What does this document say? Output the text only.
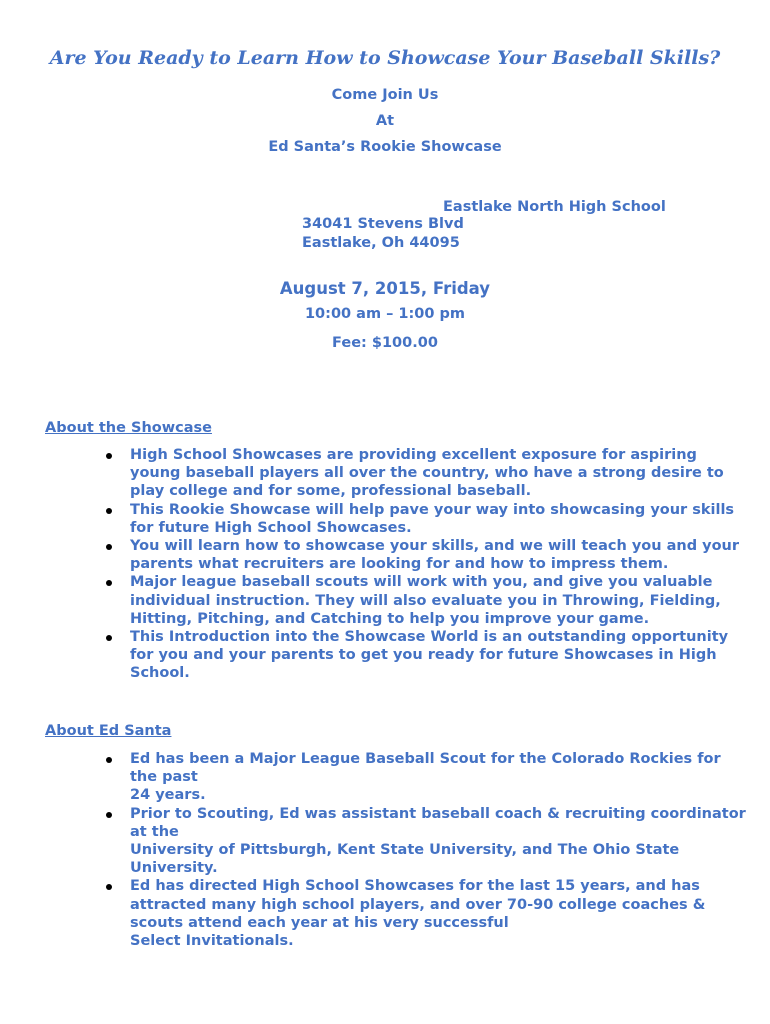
Are You Ready to Learn How to Showcase Your Baseball Skills?
Come Join Us
At
Ed Santa’s Rookie Showcase
Eastlake North High School
34041 Stevens Blvd
Eastlake, Oh 44095
August 7, 2015, Friday
10:00 am – 1:00 pm
Fee: $100.00
About the Showcase
High School Showcases are providing excellent exposure for aspiring young baseball players all over the country, who have a strong desire to play college and for some, professional baseball.
This Rookie Showcase will help pave your way into showcasing your skills for future High School Showcases.
You will learn how to showcase your skills, and we will teach you and your parents what recruiters are looking for and how to impress them.
Major league baseball scouts will work with you, and give you valuable individual instruction. They will also evaluate you in Throwing, Fielding, Hitting, Pitching, and Catching to help you improve your game.
This Introduction into the Showcase World is an outstanding opportunity for you and your parents to get you ready for future Showcases in High School.
About Ed Santa
Ed has been a Major League Baseball Scout for the Colorado Rockies for the past
24 years.
Prior to Scouting, Ed was assistant baseball coach & recruiting coordinator at the
University of Pittsburgh, Kent State University, and The Ohio State University.
Ed has directed High School Showcases for the last 15 years, and has attracted many high school players, and over 70-90 college coaches & scouts attend each year at his very successful
Select Invitationals.
